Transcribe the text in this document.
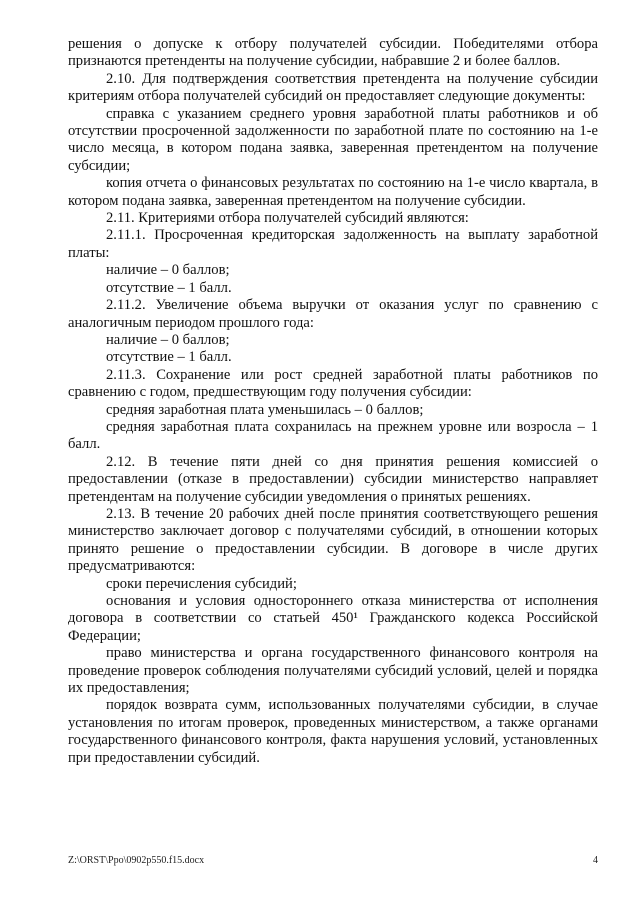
решения о допуске к отбору получателей субсидии. Победителями отбора признаются претенденты на получение субсидии, набравшие 2 и более баллов.

2.10. Для подтверждения соответствия претендента на получение субсидии критериям отбора получателей субсидий он предоставляет следующие документы:

справка с указанием среднего уровня заработной платы работников и об отсутствии просроченной задолженности по заработной плате по состоянию на 1-е число месяца, в котором подана заявка, заверенная претендентом на получение субсидии;

копия отчета о финансовых результатах по состоянию на 1-е число квартала, в котором подана заявка, заверенная претендентом на получение субсидии.

2.11. Критериями отбора получателей субсидий являются:

2.11.1. Просроченная кредиторская задолженность на выплату заработной платы:

наличие – 0 баллов;

отсутствие – 1 балл.

2.11.2. Увеличение объема выручки от оказания услуг по сравнению с аналогичным периодом прошлого года:

наличие – 0 баллов;

отсутствие – 1 балл.

2.11.3. Сохранение или рост средней заработной платы работников по сравнению с годом, предшествующим году получения субсидии:

средняя заработная плата уменьшилась – 0 баллов;

средняя заработная плата сохранилась на прежнем уровне или возросла – 1 балл.

2.12. В течение пяти дней со дня принятия решения комиссией о предоставлении (отказе в предоставлении) субсидии министерство направляет претендентам на получение субсидии уведомления о принятых решениях.

2.13. В течение 20 рабочих дней после принятия соответствующего решения министерство заключает договор с получателями субсидий, в отношении которых принято решение о предоставлении субсидии. В договоре в числе других предусматриваются:

сроки перечисления субсидий;

основания и условия одностороннего отказа министерства от исполнения договора в соответствии со статьей 450¹ Гражданского кодекса Российской Федерации;

право министерства и органа государственного финансового контроля на проведение проверок соблюдения получателями субсидий условий, целей и порядка их предоставления;

порядок возврата сумм, использованных получателями субсидии, в случае установления по итогам проверок, проведенных министерством, а также органами государственного финансового контроля, факта нарушения условий, установленных при предоставлении субсидий.

Z:\ORST\Ppo\0902p550.f15.docx	4
